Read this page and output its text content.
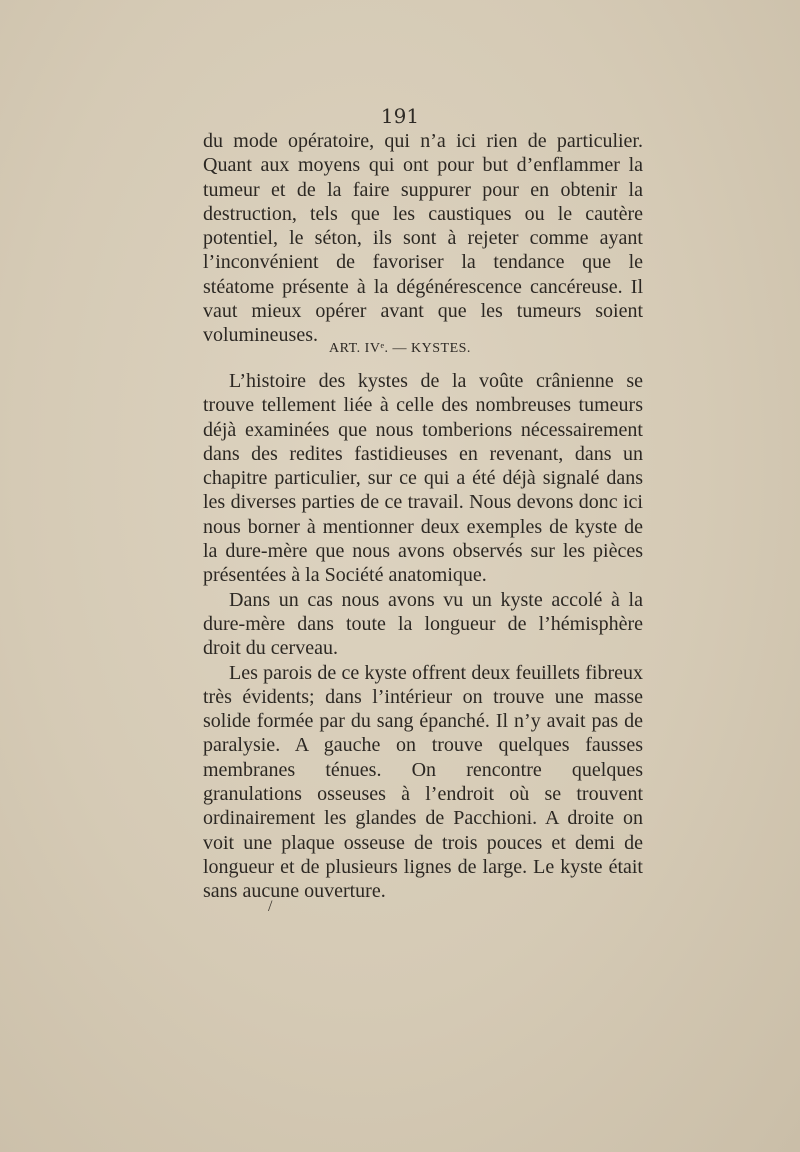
191

du mode opératoire, qui n’a ici rien de particulier. Quant aux moyens qui ont pour but d’enflammer la tumeur et de la faire suppurer pour en obtenir la destruction, tels que les caustiques ou le cautère potentiel, le séton, ils sont à rejeter comme ayant l’inconvénient de favoriser la tendance que le stéatome présente à la dégénérescence cancéreuse. Il vaut mieux opérer avant que les tumeurs soient volumineuses.

ART. IVᵉ. — KYSTES.

L’histoire des kystes de la voûte crânienne se trouve tellement liée à celle des nombreuses tumeurs déjà examinées que nous tomberions nécessairement dans des redites fastidieuses en revenant, dans un chapitre particulier, sur ce qui a été déjà signalé dans les diverses parties de ce travail. Nous devons donc ici nous borner à mentionner deux exemples de kyste de la dure-mère que nous avons observés sur les pièces présentées à la Société anatomique.

Dans un cas nous avons vu un kyste accolé à la dure-mère dans toute la longueur de l’hémisphère droit du cerveau.

Les parois de ce kyste offrent deux feuillets fibreux très évidents; dans l’intérieur on trouve une masse solide formée par du sang épanché. Il n’y avait pas de paralysie. A gauche on trouve quelques fausses membranes ténues. On rencontre quelques granulations osseuses à l’endroit où se trouvent ordinairement les glandes de Pacchioni. A droite on voit une plaque osseuse de trois pouces et demi de longueur et de plusieurs lignes de large. Le kyste était sans aucune ouverture.

/
